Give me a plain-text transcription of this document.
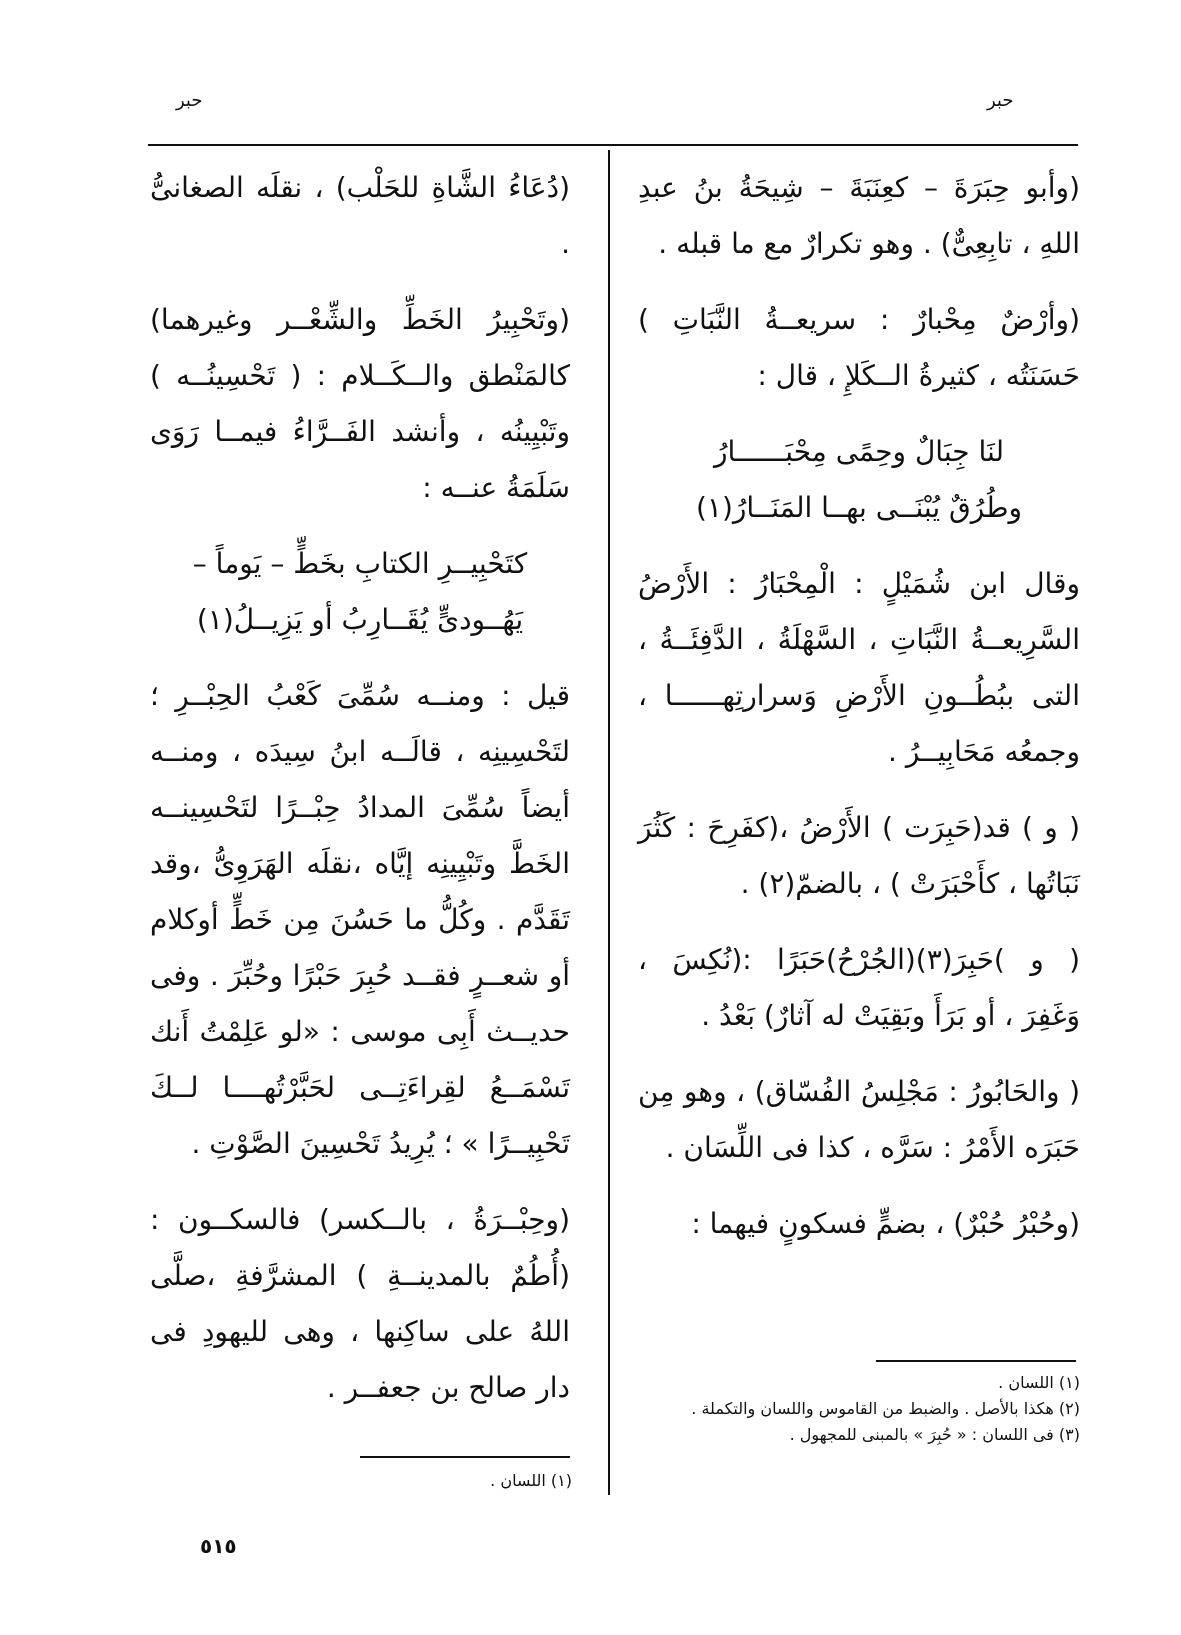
حبر	حبر

(وأبو حِبَرَةَ – كعِنَبَةَ – شِيحَةُ بنُ عبدِ اللهِ ، تابِعِىٌّ) . وهو تكرارٌ مع ما قبله .

(وأرْضٌ مِحْبارٌ : سريعــةُ النَّبَاتِ ) حَسَنَتُه ، كثيرةُ الــكَلإِ ، قال :

لنَا جِبَالٌ وحِمًى مِحْبَــــــارُ
وطُرُقٌ يُبْنَــى بهــا المَنَــارُ(١)

وقال ابن شُمَيْلٍ : الْمِحْبَارُ : الأَرْضُ السَّرِيعــةُ النَّبَاتِ ، السَّهْلَةُ ، الدَّفِئَــةُ ، التى ببُطُــونِ الأَرْضِ وَسرارتِهــــــا ، وجمعُه مَحَابِيــرُ .

( و ) قد(حَبِرَت ) الأَرْضُ ،(كفَرِحَ : كَثُرَ نَبَاتُها ، كأَحْبَرَتْ ) ، بالضمّ(٢) .

( و )حَبِرَ(٣)(الجُرْحُ)حَبَرًا :(نُكِسَ ، وَغَفِرَ ، أو بَرَأَ وبَقِيَتْ له آثارٌ) بَعْدُ .

( والحَابُورُ : مَجْلِسُ الفُسّاق) ، وهو مِن حَبَرَه الأَمْرُ : سَرَّه ، كذا فى اللِّسَان .

(وحُبْرُ حُبْرٌ) ، بضمٍّ فسكونٍ فيهما :

(١) اللسان .
(٢) هكذا بالأصل . والضبط من القاموس واللسان والتكملة .
(٣) فى اللسان : « حُبِرَ » بالمبنى للمجهول .

(دُعَاءُ الشَّاةِ للحَلْب) ، نقلَه الصغانىُّ .

(وتَحْبِيرُ الخَطِّ والشِّعْــر وغيرهما) كالمَنْطق والــكَــلام : ( تَحْسِينُــه ) وتَبْيِينُه ، وأنشد الفَــرَّاءُ فيمــا رَوَى سَلَمَةُ عنــه :

كتَحْبِيــرِ الكتابِ بخَطٍّ – يَوماً –
يَهُــودىٍّ يُقَــارِبُ أو يَزِيــلُ(١)

قيل : ومنــه سُمِّىَ كَعْبُ الحِبْــرِ ؛ لتَحْسِينِه ، قالَــه ابنُ سِيدَه ، ومنــه أيضاً سُمِّىَ المدادُ حِبْــرًا لتَحْسِينــه الخَطَّ وتَبْيِينِه إيَّاه ،نقلَه الهَرَوِىُّ ،وقد تَقَدَّم . وكُلُّ ما حَسُنَ مِن خَطٍّ أوكلام أو شعــرٍ فقــد حُبِرَ حَبْرًا وحُبِّرَ . وفى حديــث أَبِى موسى : «لو عَلِمْتُ أَنك تَسْمَــعُ لقِراءَتِــى لحَبَّرْتُهــــا لــكَ تَحْبِيــرًا » ؛ يُرِيدُ تَحْسِينَ الصَّوْتِ .

(وحِبْــرَةُ ، بالــكسر) فالسكــون : (أُطُمٌ بالمدينــةِ ) المشرَّفةِ ،صلَّى اللهُ على ساكِنها ، وهى لليهودِ فى دار صالح بن جعفــر .

(١) اللسان .
٥١٥
